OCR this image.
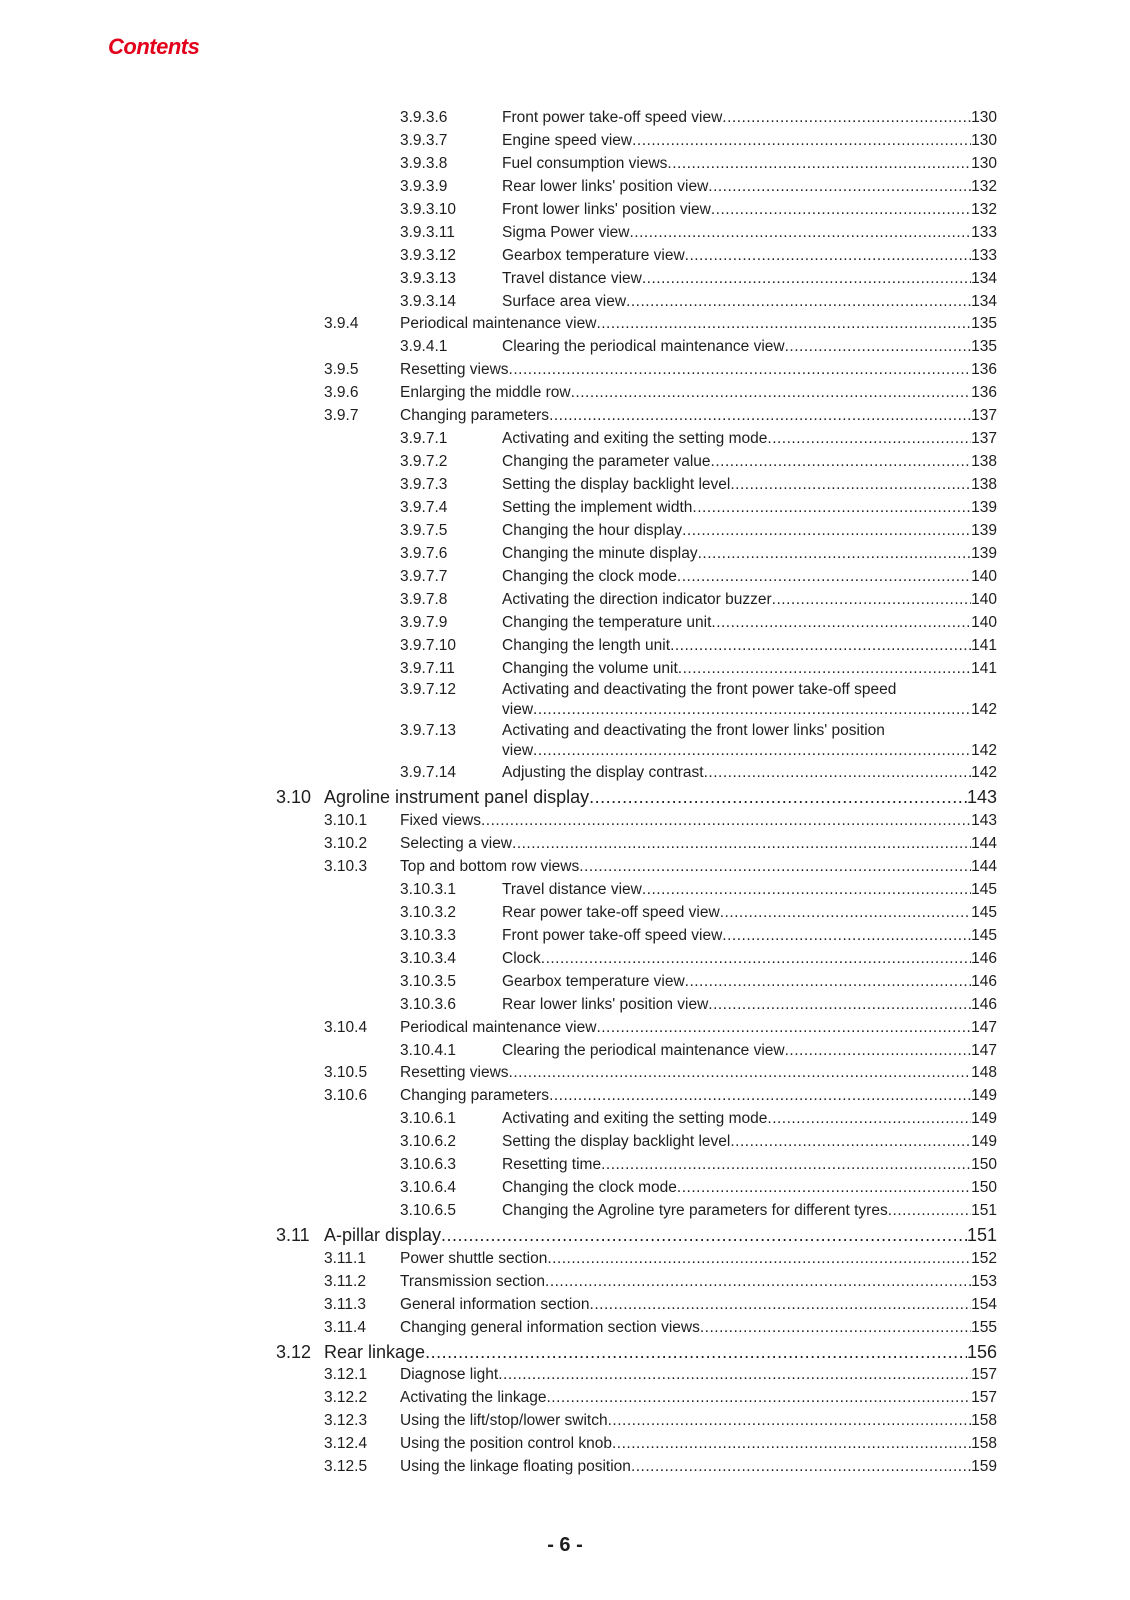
Contents
3.9.3.6	Front power take-off speed view .....	130
3.9.3.7	Engine speed view .....	130
3.9.3.8	Fuel consumption views .....	130
3.9.3.9	Rear lower links' position view .....	132
3.9.3.10	Front lower links' position view .....	132
3.9.3.11	Sigma Power view .....	133
3.9.3.12	Gearbox temperature view .....	133
3.9.3.13	Travel distance view .....	134
3.9.3.14	Surface area view .....	134
3.9.4	Periodical maintenance view .....	135
3.9.4.1	Clearing the periodical maintenance view .....	135
3.9.5	Resetting views .....	136
3.9.6	Enlarging the middle row .....	136
3.9.7	Changing parameters .....	137
3.9.7.1	Activating and exiting the setting mode .....	137
3.9.7.2	Changing the parameter value .....	138
3.9.7.3	Setting the display backlight level .....	138
3.9.7.4	Setting the implement width .....	139
3.9.7.5	Changing the hour display .....	139
3.9.7.6	Changing the minute display .....	139
3.9.7.7	Changing the clock mode .....	140
3.9.7.8	Activating the direction indicator buzzer .....	140
3.9.7.9	Changing the temperature unit .....	140
3.9.7.10	Changing the length unit .....	141
3.9.7.11	Changing the volume unit .....	141
3.9.7.12	Activating and deactivating the front power take-off speed
view .....	142
3.9.7.13	Activating and deactivating the front lower links' position
view .....	142
3.9.7.14	Adjusting the display contrast .....	142
3.10 Agroline instrument panel display .....	143
3.10.1 Fixed views .....	143
3.10.2 Selecting a view .....	144
3.10.3 Top and bottom row views .....	144
3.10.3.1	Travel distance view .....	145
3.10.3.2	Rear power take-off speed view .....	145
3.10.3.3	Front power take-off speed view .....	145
3.10.3.4	Clock .....	146
3.10.3.5	Gearbox temperature view .....	146
3.10.3.6	Rear lower links' position view .....	146
3.10.4 Periodical maintenance view .....	147
3.10.4.1	Clearing the periodical maintenance view .....	147
3.10.5 Resetting views .....	148
3.10.6 Changing parameters .....	149
3.10.6.1	Activating and exiting the setting mode .....	149
3.10.6.2	Setting the display backlight level .....	149
3.10.6.3	Resetting time .....	150
3.10.6.4	Changing the clock mode .....	150
3.10.6.5	Changing the Agroline tyre parameters for different tyres .....	151
3.11 A-pillar display .....	151
3.11.1 Power shuttle section .....	152
3.11.2 Transmission section .....	153
3.11.3 General information section .....	154
3.11.4 Changing general information section views .....	155
3.12 Rear linkage .....	156
3.12.1 Diagnose light .....	157
3.12.2 Activating the linkage .....	157
3.12.3 Using the lift/stop/lower switch .....	158
3.12.4 Using the position control knob .....	158
3.12.5 Using the linkage floating position .....	159
- 6 -
